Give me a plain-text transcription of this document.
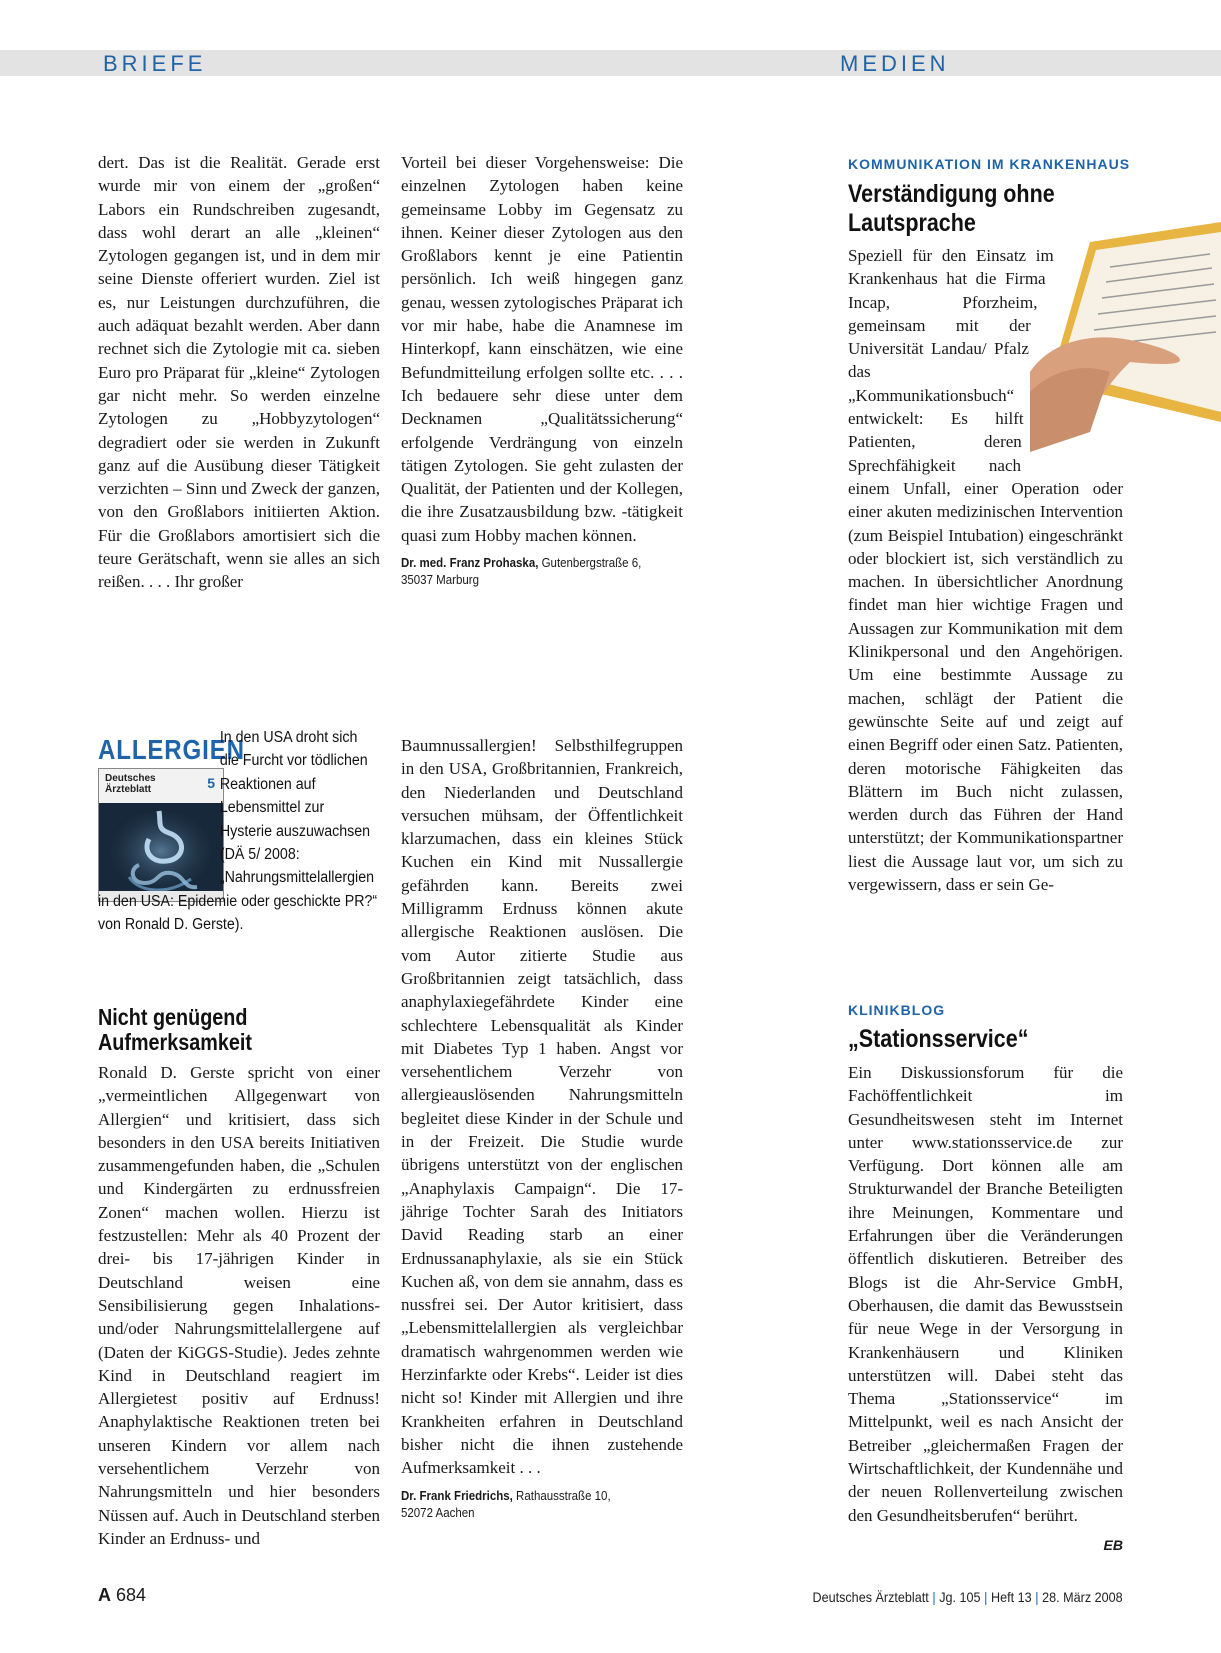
BRIEFE	MEDIEN

dert. Das ist die Realität. Gerade erst wurde mir von einem der „großen“ Labors ein Rundschreiben zugesandt, dass wohl derart an alle „kleinen“ Zytologen gegangen ist, und in dem mir seine Dienste offeriert wurden. Ziel ist es, nur Leistungen durchzuführen, die auch adäquat bezahlt werden. Aber dann rechnet sich die Zytologie mit ca. sieben Euro pro Präparat für „kleine“ Zytologen gar nicht mehr. So werden einzelne Zytologen zu „Hobbyzytologen“ degradiert oder sie werden in Zukunft ganz auf die Ausübung dieser Tätigkeit verzichten – Sinn und Zweck der ganzen, von den Großlabors initiierten Aktion. Für die Großlabors amortisiert sich die teure Gerätschaft, wenn sie alles an sich reißen. . . . Ihr großer

Vorteil bei dieser Vorgehensweise: Die einzelnen Zytologen haben keine gemeinsame Lobby im Gegensatz zu ihnen. Keiner dieser Zytologen aus den Großlabors kennt je eine Patientin persönlich. Ich weiß hingegen ganz genau, wessen zytologisches Präparat ich vor mir habe, habe die Anamnese im Hinterkopf, kann einschätzen, wie eine Befundmitteilung erfolgen sollte etc. . . . Ich bedauere sehr diese unter dem Decknamen „Qualitätssicherung“ erfolgende Verdrängung von einzeln tätigen Zytologen. Sie geht zulasten der Qualität, der Patienten und der Kollegen, die ihre Zusatzausbildung bzw. -tätigkeit quasi zum Hobby machen können.

Dr. med. Franz Prohaska, Gutenbergstraße 6,
35037 Marburg
ALLERGIEN
Deutsches Ärzteblatt	5
In den USA droht sich die Furcht vor tödlichen Reaktionen auf Lebensmittel zur Hysterie auszuwachsen (DÄ 5/ 2008: „Nahrungsmittelallergien in den USA: Epidemie oder geschickte PR?“ von Ronald D. Gerste).
Nicht genügend Aufmerksamkeit

Ronald D. Gerste spricht von einer „vermeintlichen Allgegenwart von Allergien“ und kritisiert, dass sich besonders in den USA bereits Initiativen zusammengefunden haben, die „Schulen und Kindergärten zu erdnussfreien Zonen“ machen wollen. Hierzu ist festzustellen: Mehr als 40 Prozent der drei- bis 17-jährigen Kinder in Deutschland weisen eine Sensibilisierung gegen Inhalations- und/oder Nahrungsmittelallergene auf (Daten der KiGGS-Studie). Jedes zehnte Kind in Deutschland reagiert im Allergietest positiv auf Erdnuss! Anaphylaktische Reaktionen treten bei unseren Kindern vor allem nach versehentlichem Verzehr von Nahrungsmitteln und hier besonders Nüssen auf. Auch in Deutschland sterben Kinder an Erdnuss- und

Baumnussallergien! Selbsthilfegruppen in den USA, Großbritannien, Frankreich, den Niederlanden und Deutschland versuchen mühsam, der Öffentlichkeit klarzumachen, dass ein kleines Stück Kuchen ein Kind mit Nussallergie gefährden kann. Bereits zwei Milligramm Erdnuss können akute allergische Reaktionen auslösen. Die vom Autor zitierte Studie aus Großbritannien zeigt tatsächlich, dass anaphylaxiegefährdete Kinder eine schlechtere Lebensqualität als Kinder mit Diabetes Typ 1 haben. Angst vor versehentlichem Verzehr von allergieauslösenden Nahrungsmitteln begleitet diese Kinder in der Schule und in der Freizeit. Die Studie wurde übrigens unterstützt von der englischen „Anaphylaxis Campaign“. Die 17-jährige Tochter Sarah des Initiators David Reading starb an einer Erdnussanaphylaxie, als sie ein Stück Kuchen aß, von dem sie annahm, dass es nussfrei sei. Der Autor kritisiert, dass „Lebensmittelallergien als vergleichbar dramatisch wahrgenommen werden wie Herzinfarkte oder Krebs“. Leider ist dies nicht so! Kinder mit Allergien und ihre Krankheiten erfahren in Deutschland bisher nicht die ihnen zustehende Aufmerksamkeit . . .

Dr. Frank Friedrichs, Rathausstraße 10,
52072 Aachen
KOMMUNIKATION IM KRANKENHAUS
Verständigung ohne Lautsprache

Speziell für den Einsatz im Krankenhaus hat die Firma Incap, Pforzheim, gemeinsam mit der Universität Landau/ Pfalz das „Kommunikationsbuch“ entwickelt: Es hilft Patienten, deren Sprechfähigkeit nach einem Unfall, einer Operation oder einer akuten medizinischen Intervention (zum Beispiel Intubation) eingeschränkt oder blockiert ist, sich verständlich zu machen. In übersichtlicher Anordnung findet man hier wichtige Fragen und Aussagen zur Kommunikation mit dem Klinikpersonal und den Angehörigen. Um eine bestimmte Aussage zu machen, schlägt der Patient die gewünschte Seite auf und zeigt auf einen Begriff oder einen Satz. Patienten, deren motorische Fähigkeiten das Blättern im Buch nicht zulassen, werden durch das Führen der Hand unterstützt; der Kommunikationspartner liest die Aussage laut vor, um sich zu vergewissern, dass er sein Ge-

KLINIKBLOG
„Stationsservice“

Ein Diskussionsforum für die Fachöffentlichkeit im Gesundheitswesen steht im Internet unter www.stationsservice.de zur Verfügung. Dort können alle am Strukturwandel der Branche Beteiligten ihre Meinungen, Kommentare und Erfahrungen über die Veränderungen öffentlich diskutieren. Betreiber des Blogs ist die Ahr-Service GmbH, Oberhausen, die damit das Bewusstsein für neue Wege in der Versorgung in Krankenhäusern und Kliniken unterstützen will. Dabei steht das Thema „Stationsservice“ im Mittelpunkt, weil es nach Ansicht der Betreiber „gleichermaßen Fragen der Wirtschaftlichkeit, der Kundennähe und der neuen Rollenverteilung zwischen den Gesundheitsberufen“ berührt.

EB
A 684	Deutsches Ärzteblatt | Jg. 105 | Heft 13 | 28. März 2008
